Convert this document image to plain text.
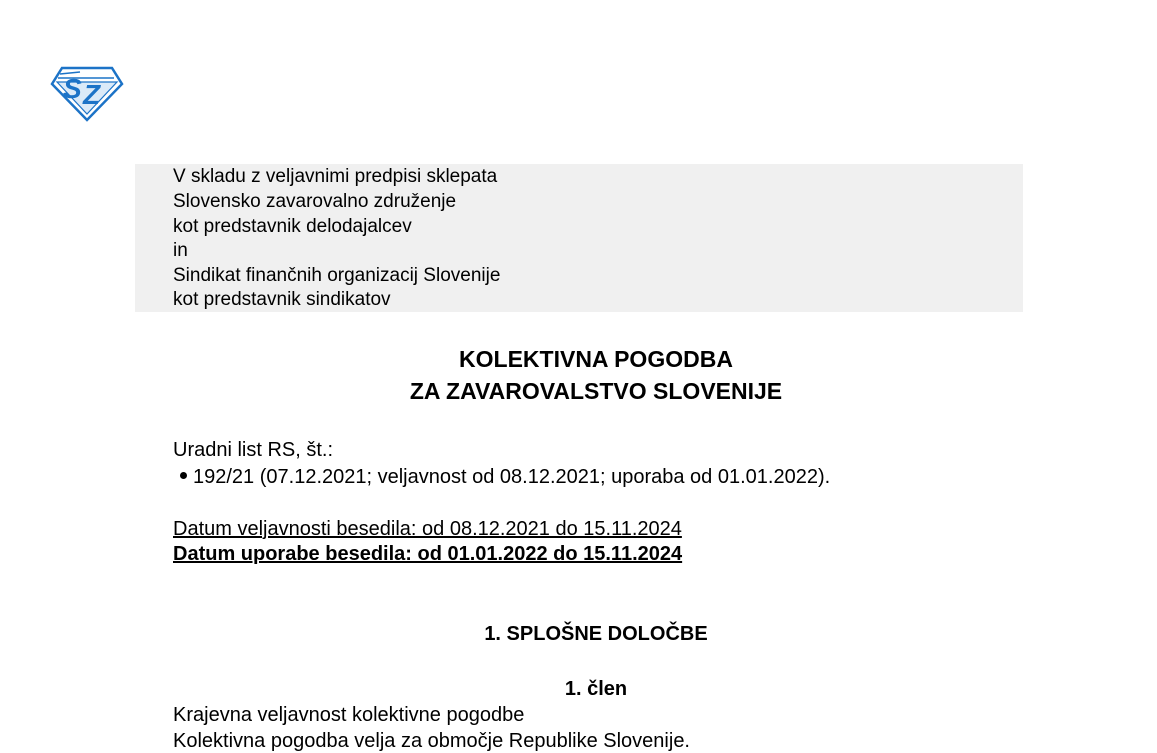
S Z
V skladu z veljavnimi predpisi sklepata
Slovensko zavarovalno združenje
kot predstavnik delodajalcev
in
Sindikat finančnih organizacij Slovenije
kot predstavnik sindikatov
KOLEKTIVNA POGODBA
ZA ZAVAROVALSTVO SLOVENIJE
Uradni list RS, št.:
192/21 (07.12.2021; veljavnost od 08.12.2021; uporaba od 01.01.2022).
Datum veljavnosti besedila: od 08.12.2021 do 15.11.2024
Datum uporabe besedila: od 01.01.2022 do 15.11.2024
1. SPLOŠNE DOLOČBE
1. člen
Krajevna veljavnost kolektivne pogodbe
Kolektivna pogodba velja za območje Republike Slovenije.
